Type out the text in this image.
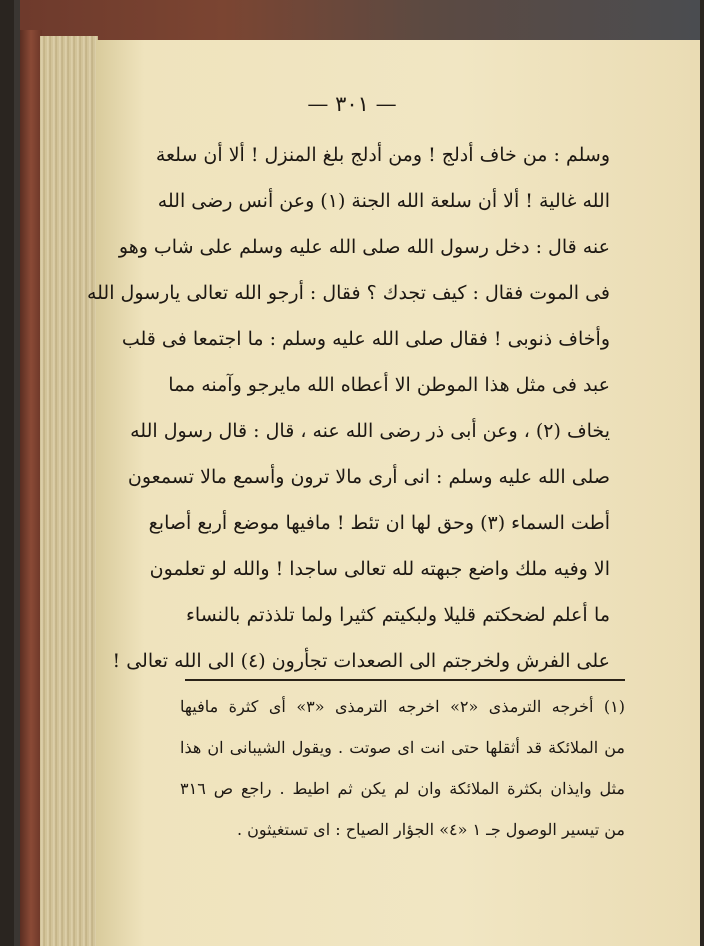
— ٣٠١ —
وسلم : من خاف أدلج ! ومن أدلج بلغ المنزل ! ألا أن سلعة
الله غالية ! ألا أن سلعة الله الجنة (١) وعن أنس رضى الله
عنه قال : دخل رسول الله صلى الله عليه وسلم على شاب وهو
فى الموت فقال : كيف تجدك ؟ فقال : أرجو الله تعالى يارسول الله
وأخاف ذنوبى ! فقال صلى الله عليه وسلم : ما اجتمعا فى قلب
عبد فى مثل هذا الموطن الا أعطاه الله مايرجو وآمنه مما
يخاف (٢) ، وعن أبى ذر رضى الله عنه ، قال : قال رسول الله
صلى الله عليه وسلم : انى أرى مالا ترون وأسمع مالا تسمعون
أطت السماء (٣) وحق لها ان تئط ! مافيها موضع أربع أصابع
الا وفيه ملك واضع جبهته لله تعالى ساجدا ! والله لو تعلمون
ما أعلم لضحكتم قليلا ولبكيتم كثيرا ولما تلذذتم بالنساء
على الفرش ولخرجتم الى الصعدات تجأرون (٤) الى الله تعالى !
(١) أخرجه الترمذى «٢» اخرجه الترمذى «٣» أى كثرة مافيها
من الملائكة قد أثقلها حتى انت اى صوتت . ويقول الشيبانى ان هذا
مثل وايذان بكثرة الملائكة وان لم يكن ثم اطيط . راجع ص ٣١٦
من تيسير الوصول جـ ١ «٤» الجؤار الصياح : اى تستغيثون .
